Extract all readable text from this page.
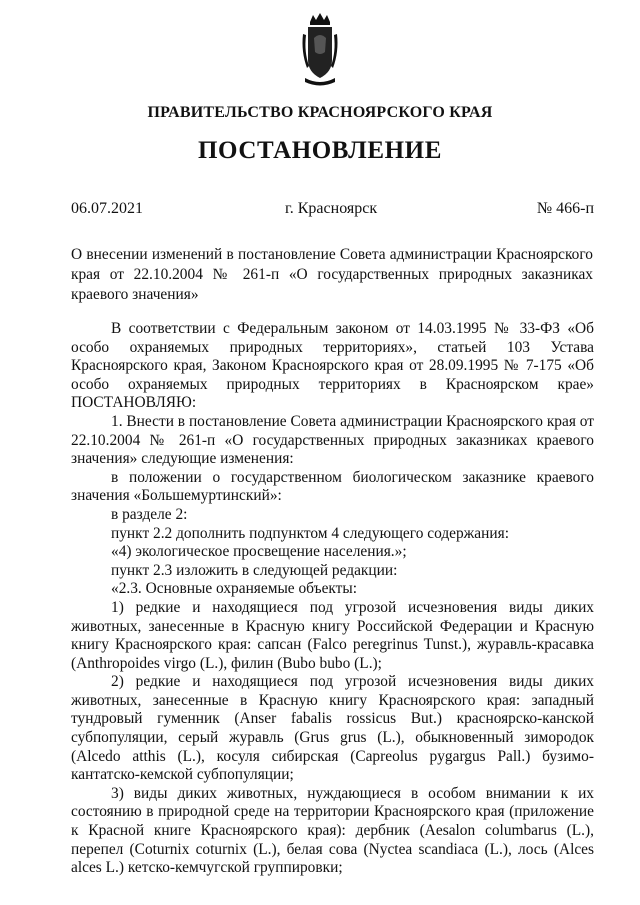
ПРАВИТЕЛЬСТВО КРАСНОЯРСКОГО КРАЯ
ПОСТАНОВЛЕНИЕ
06.07.2021	г. Красноярск	№ 466-п
О внесении изменений в постановление Совета администрации Красноярского края от 22.10.2004 № 261-п «О государственных природных заказниках краевого значения»

В соответствии с Федеральным законом от 14.03.1995 № 33-ФЗ «Об особо охраняемых природных территориях», статьей 103 Устава Красноярского края, Законом Красноярского края от 28.09.1995 № 7-175 «Об особо охраняемых природных территориях в Красноярском крае» ПОСТАНОВЛЯЮ:

1. Внести в постановление Совета администрации Красноярского края от 22.10.2004 № 261-п «О государственных природных заказниках краевого значения» следующие изменения:

в положении о государственном биологическом заказнике краевого значения «Большемуртинский»:

в разделе 2:

пункт 2.2 дополнить подпунктом 4 следующего содержания:

«4) экологическое просвещение населения.»;

пункт 2.3 изложить в следующей редакции:

«2.3. Основные охраняемые объекты:

1) редкие и находящиеся под угрозой исчезновения виды диких животных, занесенные в Красную книгу Российской Федерации и Красную книгу Красноярского края: сапсан (Falco peregrinus Tunst.), журавль-красавка (Anthropoides virgo (L.), филин (Bubo bubo (L.);

2) редкие и находящиеся под угрозой исчезновения виды диких животных, занесенные в Красную книгу Красноярского края: западный тундровый гуменник (Anser fabalis rossicus But.) красноярско-канской субпопуляции, серый журавль (Grus grus (L.), обыкновенный зимородок (Alcedo atthis (L.), косуля сибирская (Capreolus pygargus Pall.) бузимо-кантатско-кемской субпопуляции;

3) виды диких животных, нуждающиеся в особом внимании к их состоянию в природной среде на территории Красноярского края (приложение к Красной книге Красноярского края): дербник (Aesalon columbarus (L.), перепел (Coturnix coturnix (L.), белая сова (Nyctea scandiaca (L.), лось (Alces alces L.) кетско-кемчугской группировки;
